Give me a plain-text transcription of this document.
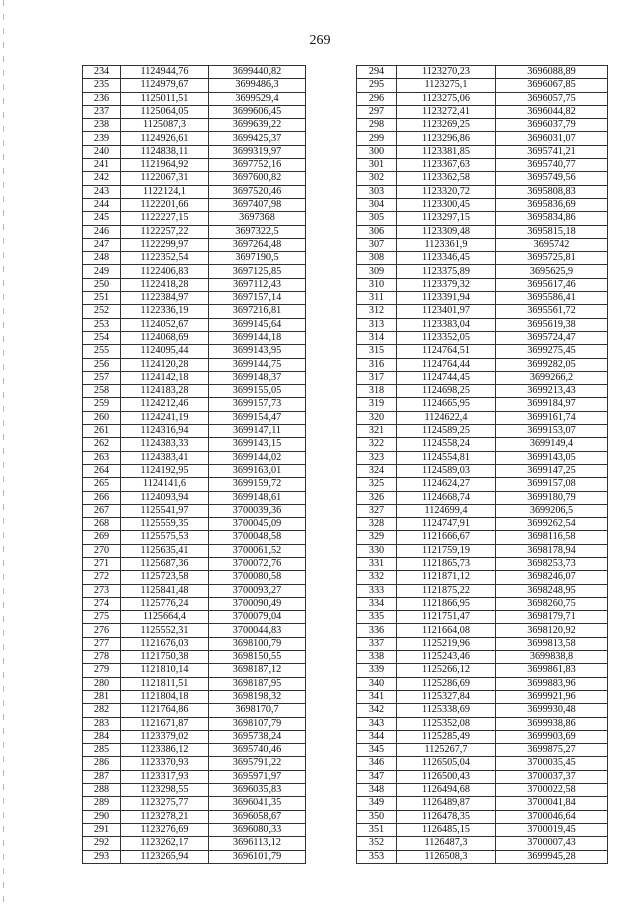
269
234	1124944,76	3699440,82
235	1124979,67	3699486,3
236	1125011,51	3699529,4
237	1125064,05	3699606,45
238	1125087,3	3699639,22
239	1124926,61	3699425,37
240	1124838,11	3699319,97
241	1121964,92	3697752,16
242	1122067,31	3697600,82
243	1122124,1	3697520,46
244	1122201,66	3697407,98
245	1122227,15	3697368
246	1122257,22	3697322,5
247	1122299,97	3697264,48
248	1122352,54	3697190,5
249	1122406,83	3697125,85
250	1122418,28	3697112,43
251	1122384,97	3697157,14
252	1122336,19	3697216,81
253	1124052,67	3699145,64
254	1124068,69	3699144,18
255	1124095,44	3699143,95
256	1124120,28	3699144,75
257	1124142,18	3699148,37
258	1124183,28	3699155,05
259	1124212,46	3699157,73
260	1124241,19	3699154,47
261	1124316,94	3699147,11
262	1124383,33	3699143,15
263	1124383,41	3699144,02
264	1124192,95	3699163,01
265	1124141,6	3699159,72
266	1124093,94	3699148,61
267	1125541,97	3700039,36
268	1125559,35	3700045,09
269	1125575,53	3700048,58
270	1125635,41	3700061,52
271	1125687,36	3700072,76
272	1125723,58	3700080,58
273	1125841,48	3700093,27
274	1125776,24	3700090,49
275	1125664,4	3700079,04
276	1125552,31	3700044,83
277	1121676,03	3698100,79
278	1121750,38	3698150,55
279	1121810,14	3698187,12
280	1121811,51	3698187,95
281	1121804,18	3698198,32
282	1121764,86	3698170,7
283	1121671,87	3698107,79
284	1123379,02	3695738,24
285	1123386,12	3695740,46
286	1123370,93	3695791,22
287	1123317,93	3695971,97
288	1123298,55	3696035,83
289	1123275,77	3696041,35
290	1123278,21	3696058,67
291	1123276,69	3696080,33
292	1123262,17	3696113,12
293	1123265,94	3696101,79
294	1123270,23	3696088,89
295	1123275,1	3696067,85
296	1123275,06	3696057,75
297	1123272,41	3696044,82
298	1123269,25	3696037,79
299	1123296,86	3696031,07
300	1123381,85	3695741,21
301	1123367,63	3695740,77
302	1123362,58	3695749,56
303	1123320,72	3695808,83
304	1123300,45	3695836,69
305	1123297,15	3695834,86
306	1123309,48	3695815,18
307	1123361,9	3695742
308	1123346,45	3695725,81
309	1123375,89	3695625,9
310	1123379,32	3695617,46
311	1123391,94	3695586,41
312	1123401,97	3695561,72
313	1123383,04	3695619,38
314	1123352,05	3695724,47
315	1124764,51	3699275,45
316	1124764,44	3699282,05
317	1124744,45	3699266,2
318	1124698,25	3699213,43
319	1124665,95	3699184,97
320	1124622,4	3699161,74
321	1124589,25	3699153,07
322	1124558,24	3699149,4
323	1124554,81	3699143,05
324	1124589,03	3699147,25
325	1124624,27	3699157,08
326	1124668,74	3699180,79
327	1124699,4	3699206,5
328	1124747,91	3699262,54
329	1121666,67	3698116,58
330	1121759,19	3698178,94
331	1121865,73	3698253,73
332	1121871,12	3698246,07
333	1121875,22	3698248,95
334	1121866,95	3698260,75
335	1121751,47	3698179,71
336	1121664,08	3698120,92
337	1125219,96	3699813,58
338	1125243,46	3699838,8
339	1125266,12	3699861,83
340	1125286,69	3699883,96
341	1125327,84	3699921,96
342	1125338,69	3699930,48
343	1125352,08	3699938,86
344	1125285,49	3699903,69
345	1125267,7	3699875,27
346	1126505,04	3700035,45
347	1126500,43	3700037,37
348	1126494,68	3700022,58
349	1126489,87	3700041,84
350	1126478,35	3700046,64
351	1126485,15	3700019,45
352	1126487,3	3700007,43
353	1126508,3	3699945,28
